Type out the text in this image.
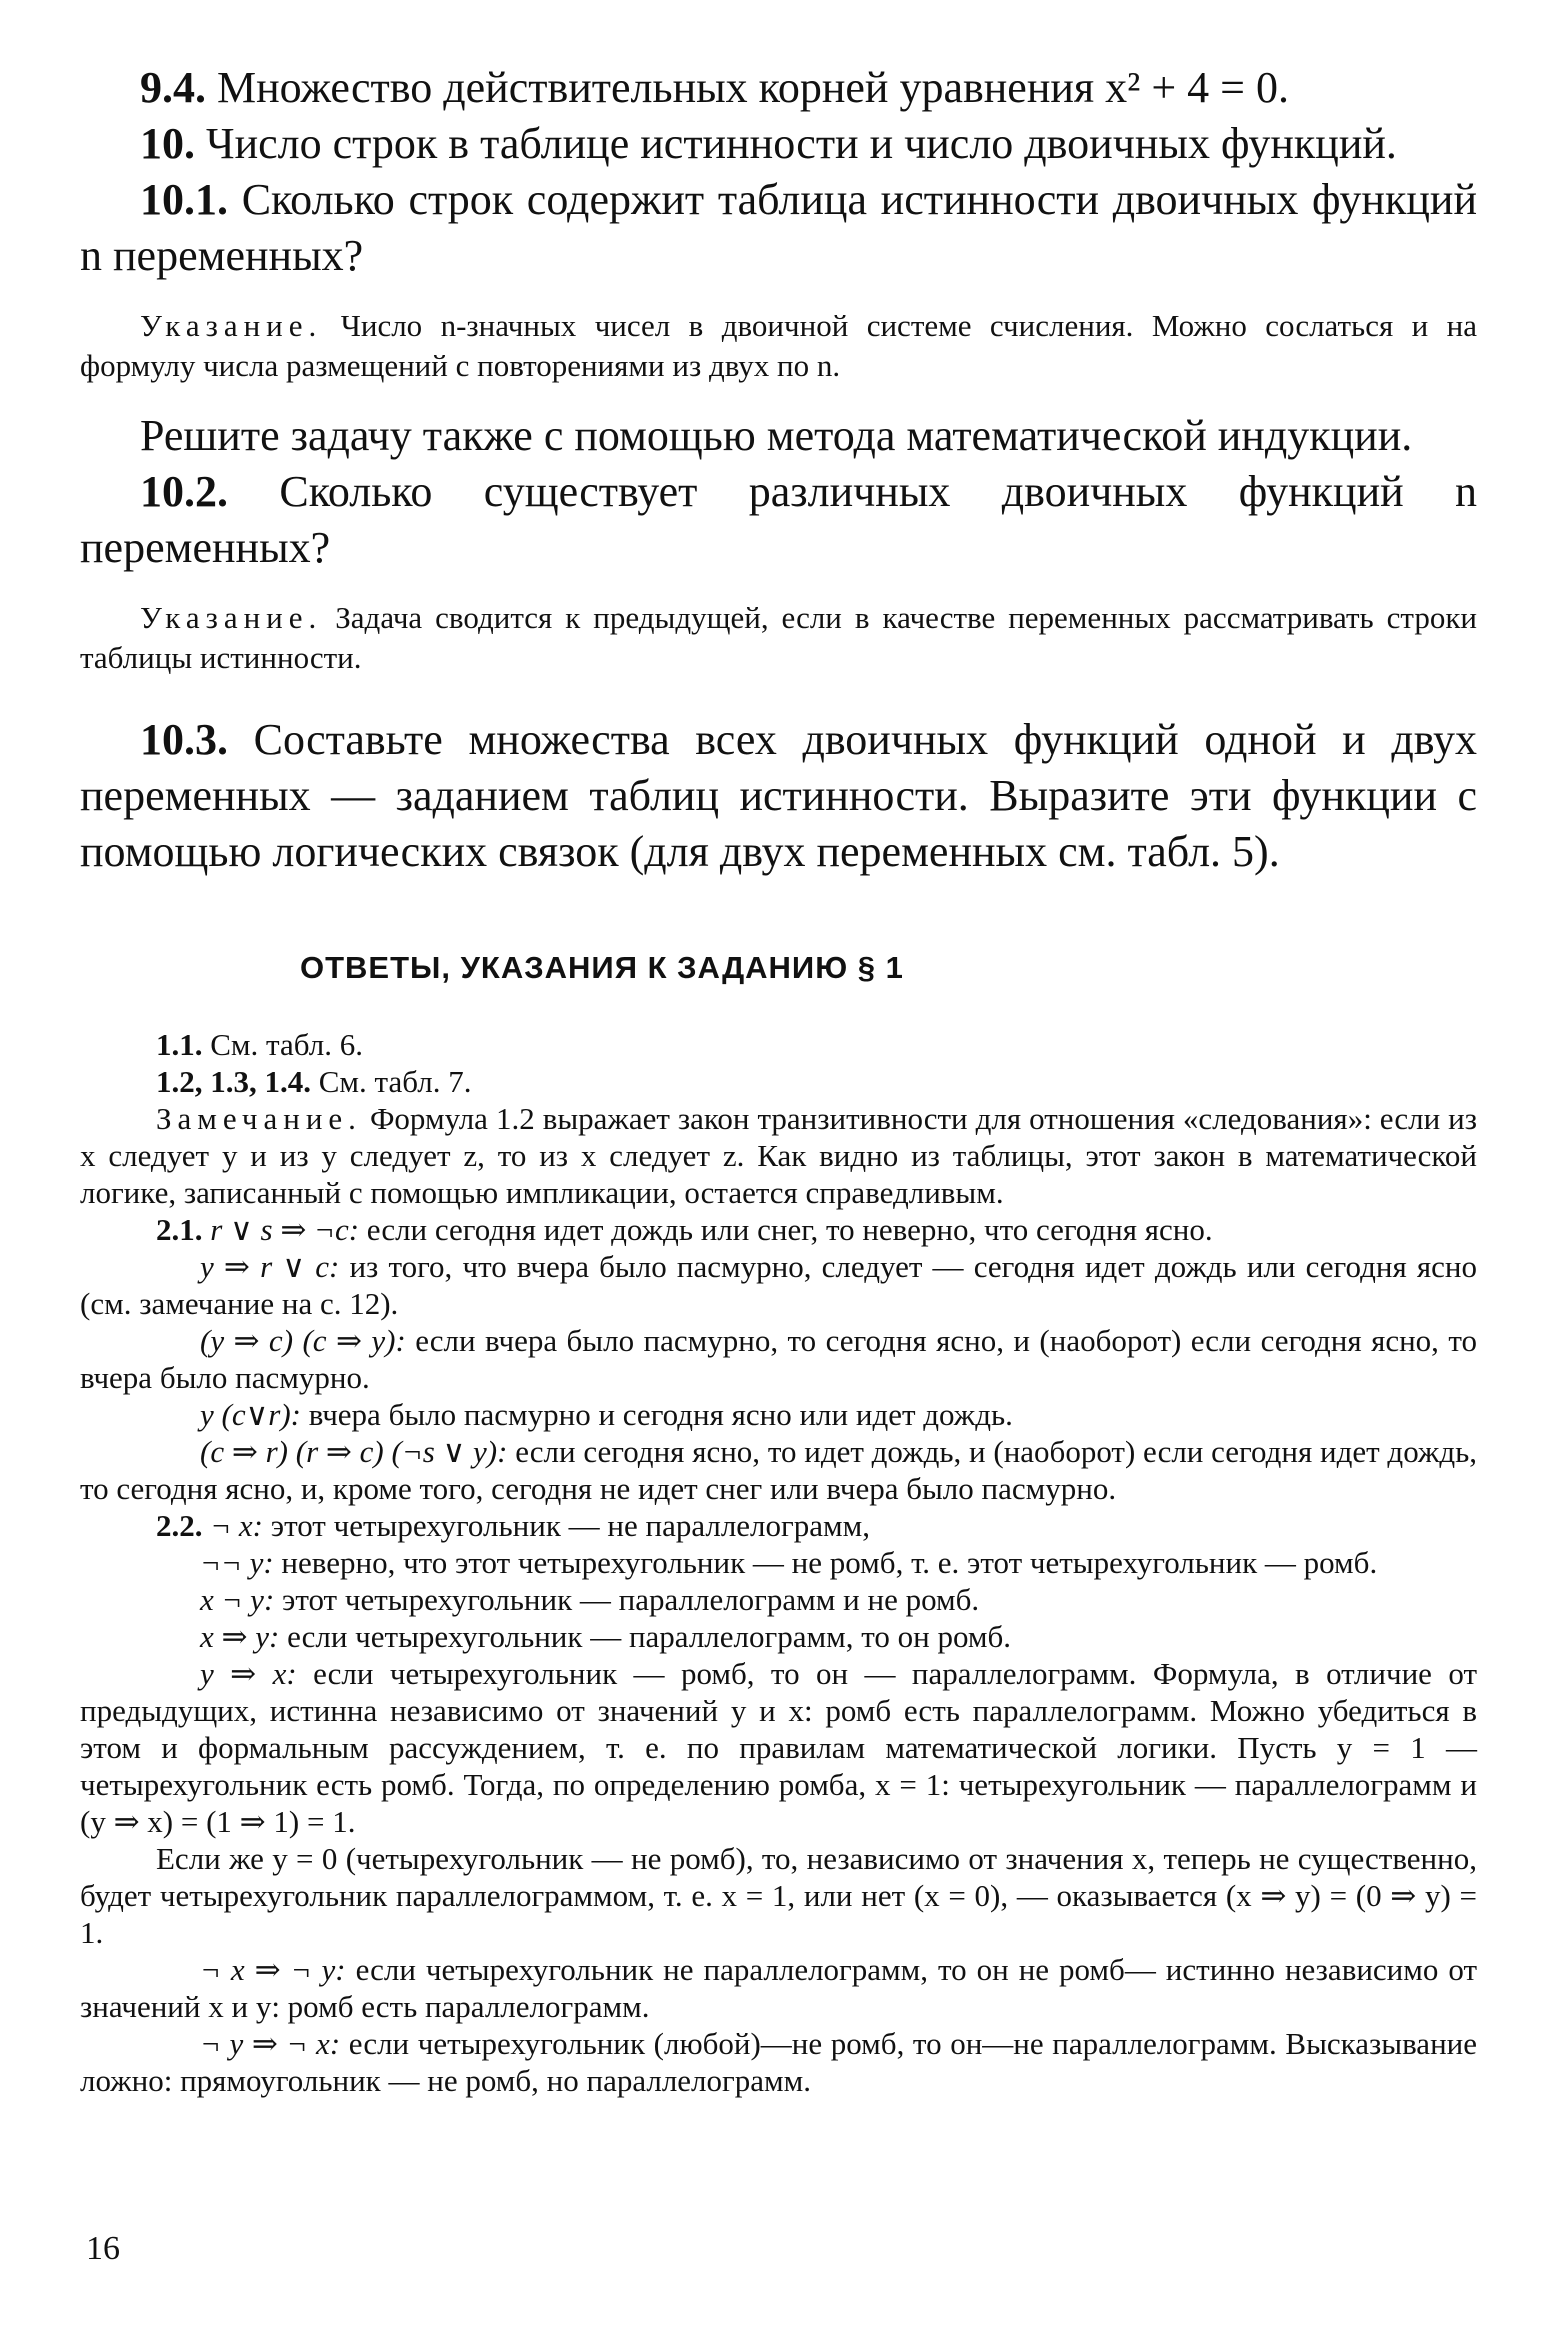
9.4. Множество действительных корней уравнения x² + 4 = 0.

10. Число строк в таблице истинности и число двоичных функций.

10.1. Сколько строк содержит таблица истинности двоичных функций n переменных?

Указание. Число n-значных чисел в двоичной системе счисления. Можно сослаться и на формулу числа размещений с повторениями из двух по n.

Решите задачу также с помощью метода математической индукции.

10.2. Сколько существует различных двоичных функций n переменных?

Указание. Задача сводится к предыдущей, если в качестве переменных рассматривать строки таблицы истинности.

10.3. Составьте множества всех двоичных функций одной и двух переменных — заданием таблиц истинности. Выразите эти функции с помощью логических связок (для двух переменных см. табл. 5).

ОТВЕТЫ, УКАЗАНИЯ К ЗАДАНИЮ § 1

1.1. См. табл. 6.

1.2, 1.3, 1.4. См. табл. 7.

Замечание. Формула 1.2 выражает закон транзитивности для отношения «следования»: если из x следует y и из y следует z, то из x следует z. Как видно из таблицы, этот закон в математической логике, записанный с помощью импликации, остается справедливым.

2.1. r ∨ s ⇒ ¬c: если сегодня идет дождь или снег, то неверно, что сегодня ясно.

y ⇒ r ∨ c: из того, что вчера было пасмурно, следует — сегодня идет дождь или сегодня ясно (см. замечание на с. 12).

(y ⇒ c) (c ⇒ y): если вчера было пасмурно, то сегодня ясно, и (наоборот) если сегодня ясно, то вчера было пасмурно.

y (c∨r): вчера было пасмурно и сегодня ясно или идет дождь.

(c ⇒ r) (r ⇒ c) (¬s ∨ y): если сегодня ясно, то идет дождь, и (наоборот) если сегодня идет дождь, то сегодня ясно, и, кроме того, сегодня не идет снег или вчера было пасмурно.

2.2. ¬ x: этот четырехугольник — не параллелограмм,

¬¬ y: неверно, что этот четырехугольник — не ромб, т. е. этот четырехугольник — ромб.

x ¬ y: этот четырехугольник — параллелограмм и не ромб.

x ⇒ y: если четырехугольник — параллелограмм, то он ромб.

y ⇒ x: если четырехугольник — ромб, то он — параллелограмм. Формула, в отличие от предыдущих, истинна независимо от значений y и x: ромб есть параллелограмм. Можно убедиться в этом и формальным рассуждением, т. е. по правилам математической логики. Пусть y = 1 — четырехугольник есть ромб. Тогда, по определению ромба, x = 1: четырехугольник — параллелограмм и (y ⇒ x) = (1 ⇒ 1) = 1.

Если же y = 0 (четырехугольник — не ромб), то, независимо от значения x, теперь не существенно, будет четырехугольник параллелограммом, т. е. x = 1, или нет (x = 0), — оказывается (x ⇒ y) = (0 ⇒ y) = 1.

¬ x ⇒ ¬ y: если четырехугольник не параллелограмм, то он не ромб— истинно независимо от значений x и y: ромб есть параллелограмм.

¬ y ⇒ ¬ x: если четырехугольник (любой)—не ромб, то он—не параллелограмм. Высказывание ложно: прямоугольник — не ромб, но параллелограмм.

16
